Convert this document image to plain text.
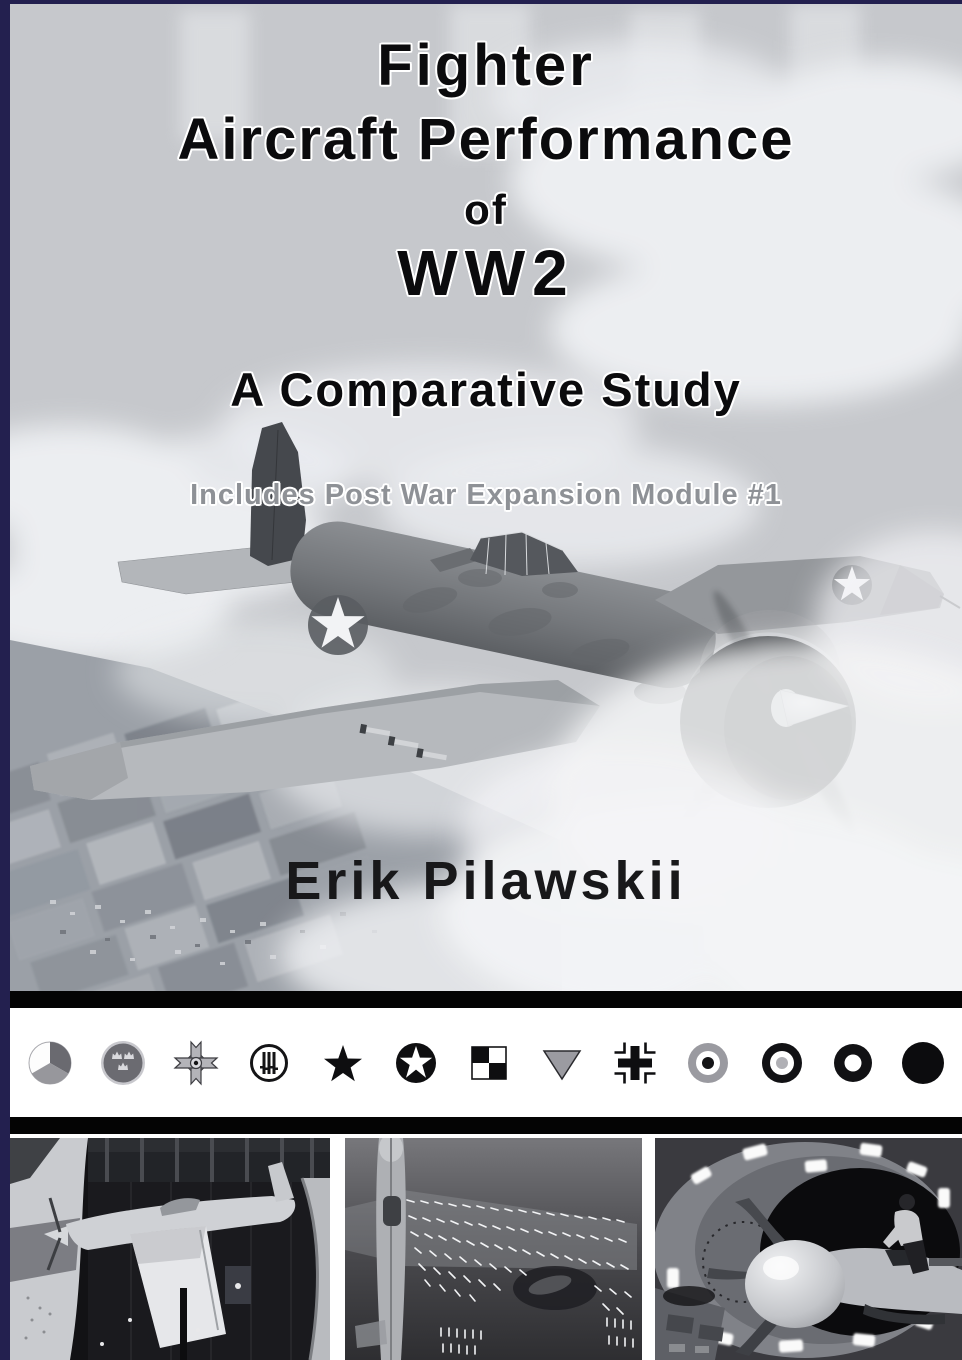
Fighter
Aircraft Performance
of
WW2
A Comparative Study
Includes Post War Expansion Module #1
Erik Pilawskii
